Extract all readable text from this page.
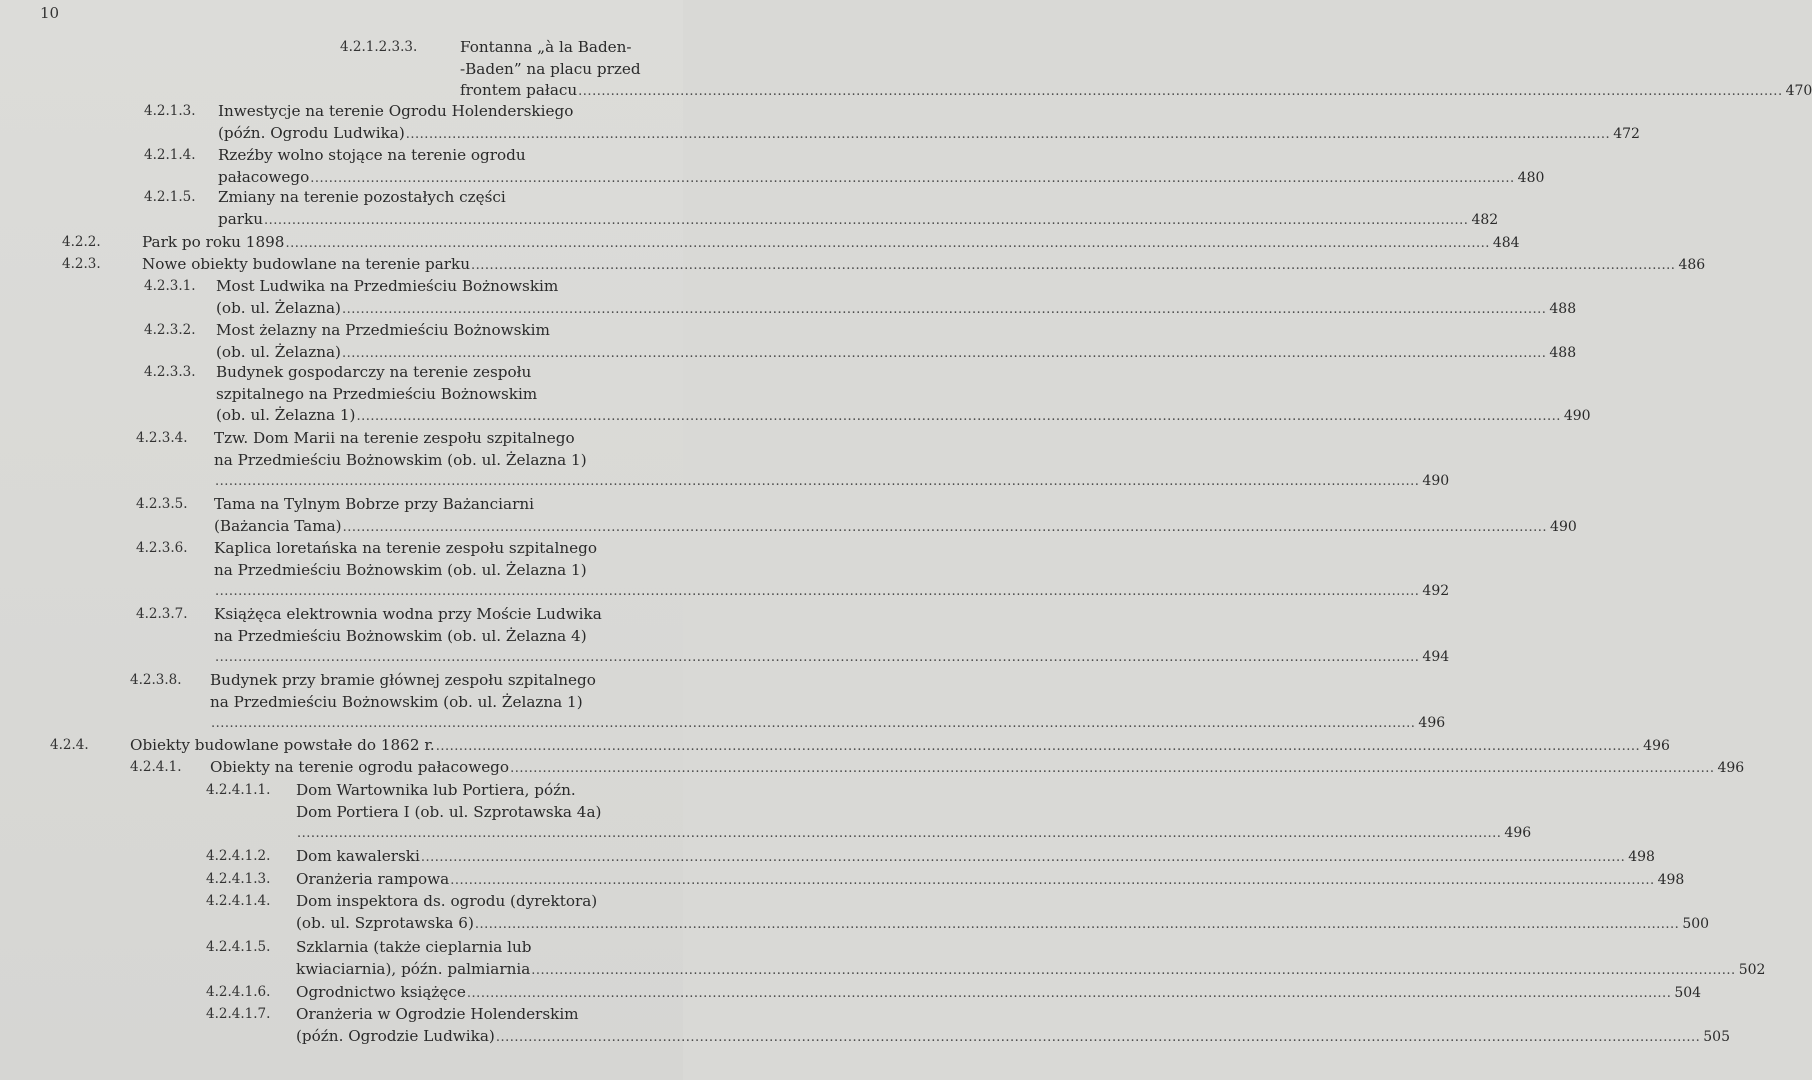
10
4.2.1.2.3.3.	Fontanna „à la Baden-
-Baden” na placu przed
frontem pałacu .................................................................................................................................................................................................................................................................... 470
4.2.1.3. Inwestycje na terenie Ogrodu Holenderskiego
(późn. Ogrodu Ludwika) .................................................................................................................................................................................................................................................................... 472
4.2.1.4. Rzeźby wolno stojące na terenie ogrodu
pałacowego .................................................................................................................................................................................................................................................................... 480
4.2.1.5. Zmiany na terenie pozostałych części
parku .................................................................................................................................................................................................................................................................... 482
4.2.2.	Park po roku 1898 .................................................................................................................................................................................................................................................................... 484
4.2.3.	Nowe obiekty budowlane na terenie parku .................................................................................................................................................................................................................................................................... 486
4.2.3.1. Most Ludwika na Przedmieściu Bożnowskim
(ob. ul. Żelazna) .................................................................................................................................................................................................................................................................... 488
4.2.3.2. Most żelazny na Przedmieściu Bożnowskim
(ob. ul. Żelazna) .................................................................................................................................................................................................................................................................... 488
4.2.3.3. Budynek gospodarczy na terenie zespołu
szpitalnego na Przedmieściu Bożnowskim
(ob. ul. Żelazna 1) .................................................................................................................................................................................................................................................................... 490
4.2.3.4. Tzw. Dom Marii na terenie zespołu szpitalnego
na Przedmieściu Bożnowskim (ob. ul. Żelazna 1)
.................................................................................................................................................................................................................................................................... 490
4.2.3.5. Tama na Tylnym Bobrze przy Bażanciarni
(Bażancia Tama) .................................................................................................................................................................................................................................................................... 490
4.2.3.6. Kaplica loretańska na terenie zespołu szpitalnego
na Przedmieściu Bożnowskim (ob. ul. Żelazna 1)
.................................................................................................................................................................................................................................................................... 492
4.2.3.7. Książęca elektrownia wodna przy Moście Ludwika
na Przedmieściu Bożnowskim (ob. ul. Żelazna 4)
.................................................................................................................................................................................................................................................................... 494
4.2.3.8. Budynek przy bramie głównej zespołu szpitalnego
na Przedmieściu Bożnowskim (ob. ul. Żelazna 1)
.................................................................................................................................................................................................................................................................... 496
4.2.4.	Obiekty budowlane powstałe do 1862 r. .................................................................................................................................................................................................................................................................... 496
4.2.4.1. Obiekty na terenie ogrodu pałacowego .................................................................................................................................................................................................................................................................... 496
4.2.4.1.1. Dom Wartownika lub Portiera, późn.
Dom Portiera I (ob. ul. Szprotawska 4a)
.................................................................................................................................................................................................................................................................... 496
4.2.4.1.2. Dom kawalerski .................................................................................................................................................................................................................................................................... 498
4.2.4.1.3. Oranżeria rampowa .................................................................................................................................................................................................................................................................... 498
4.2.4.1.4. Dom inspektora ds. ogrodu (dyrektora)
(ob. ul. Szprotawska 6) .................................................................................................................................................................................................................................................................... 500
4.2.4.1.5. Szklarnia (także cieplarnia lub
kwiaciarnia), późn. palmiarnia .................................................................................................................................................................................................................................................................... 502
4.2.4.1.6. Ogrodnictwo książęce .................................................................................................................................................................................................................................................................... 504
4.2.4.1.7. Oranżeria w Ogrodzie Holenderskim
(późn. Ogrodzie Ludwika) .................................................................................................................................................................................................................................................................... 505
